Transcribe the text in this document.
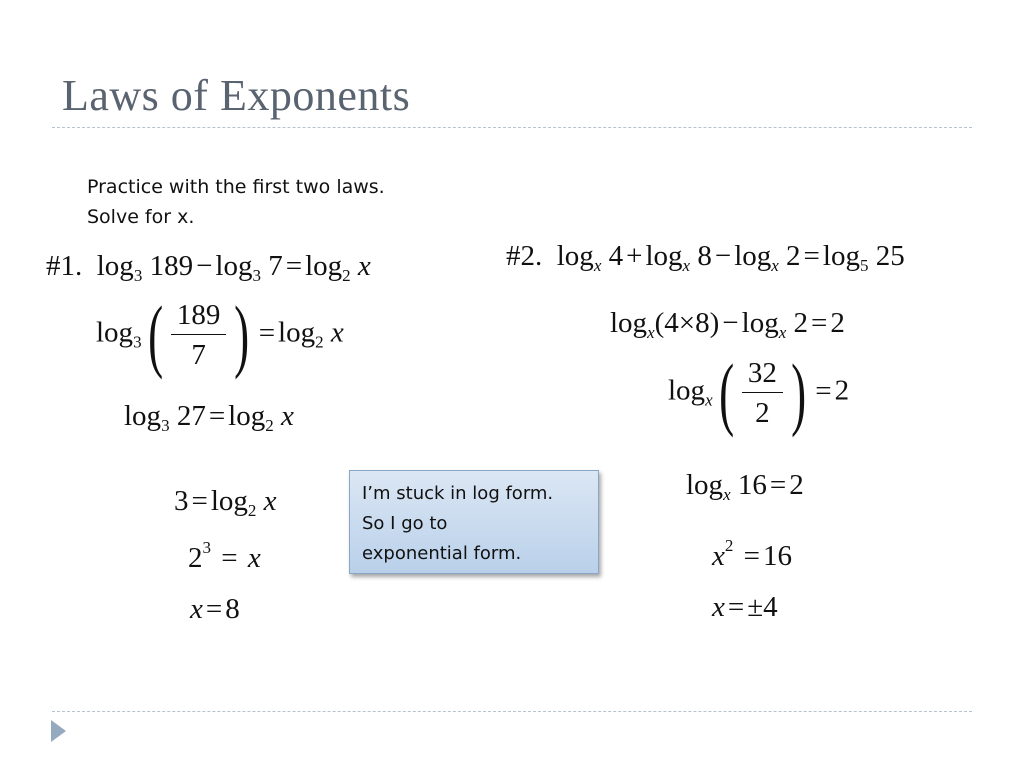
Laws of Exponents
Practice with the first two laws.
Solve for x.
#1.  $\log_3 189 - \log_3 7 = \log_2 x$
$\log_3$ ( $\frac{189}{7}$ ) = $\log_2 x$
$\log_3 27 = \log_2 x$
$3 = \log_2 x$
$2^3 = x$
x = 8
I’m stuck in log form.
So I go to
exponential form.
#2.  $\log_x 4 + \log_x 8 - \log_x 2 = \log_5 25$
$\log_x(4\times 8) - \log_x 2 = 2$
$\log_x$ ( $\frac{32}{2}$ ) = 2
$\log_x 16 = 2$
$x^2 = 16$
x = ±4
